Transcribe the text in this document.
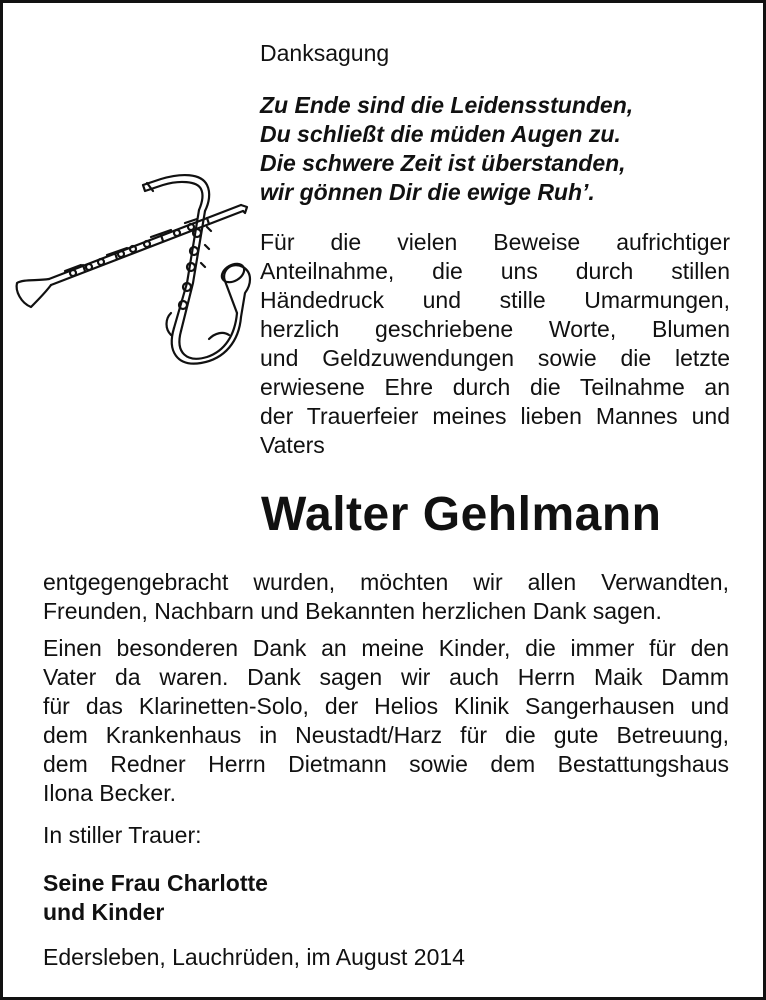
Danksagung
Zu Ende sind die Leidensstunden,
Du schließt die müden Augen zu.
Die schwere Zeit ist überstanden,
wir gönnen Dir die ewige Ruh’.
Für die vielen Beweise aufrichtiger
Anteilnahme, die uns durch stillen
Händedruck und stille Umarmungen,
herzlich geschriebene Worte, Blumen
und Geldzuwendungen sowie die letzte
erwiesene Ehre durch die Teilnahme an
der Trauerfeier meines lieben Mannes und
Vaters
Walter Gehlmann
entgegengebracht wurden, möchten wir allen Verwandten,
Freunden, Nachbarn und Bekannten herzlichen Dank sagen.
Einen besonderen Dank an meine Kinder, die immer für den
Vater da waren. Dank sagen wir auch Herrn Maik Damm
für das Klarinetten-Solo, der Helios Klinik Sangerhausen und
dem Krankenhaus in Neustadt/Harz für die gute Betreuung,
dem Redner Herrn Dietmann sowie dem Bestattungshaus
Ilona Becker.
In stiller Trauer:
Seine Frau Charlotte
und Kinder
Edersleben, Lauchrüden, im August 2014
